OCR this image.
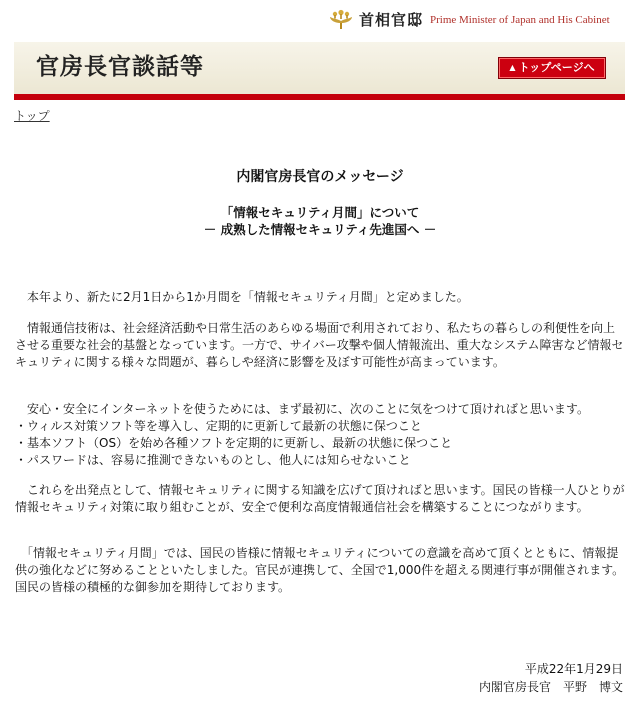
首相官邸 Prime Minister of Japan and His Cabinet
官房長官談話等	▲ トップページへ
トップ
内閣官房長官のメッセージ
「情報セキュリティ月間」について
－ 成熟した情報セキュリティ先進国へ －

　本年より、新たに2月1日から1か月間を「情報セキュリティ月間」と定めました。

　情報通信技術は、社会経済活動や日常生活のあらゆる場面で利用されており、私たちの暮らしの利便性を向上させる重要な社会的基盤となっています。一方で、サイバー攻撃や個人情報流出、重大なシステム障害など情報セキュリティに関する様々な問題が、暮らしや経済に影響を及ぼす可能性が高まっています。

　安心・安全にインターネットを使うためには、まず最初に、次のことに気をつけて頂ければと思います。

・ウィルス対策ソフト等を導入し、定期的に更新して最新の状態に保つこと

・基本ソフト（OS）を始め各種ソフトを定期的に更新し、最新の状態に保つこと

・パスワードは、容易に推測できないものとし、他人には知らせないこと

　これらを出発点として、情報セキュリティに関する知識を広げて頂ければと思います。国民の皆様一人ひとりが情報セキュリティ対策に取り組むことが、安全で便利な高度情報通信社会を構築することにつながります。

　「情報セキュリティ月間」では、国民の皆様に情報セキュリティについての意識を高めて頂くとともに、情報提供の強化などに努めることといたしました。官民が連携して、全国で1,000件を超える関連行事が開催されます。国民の皆様の積極的な御参加を期待しております。

平成22年1月29日
内閣官房長官　平野　博文
